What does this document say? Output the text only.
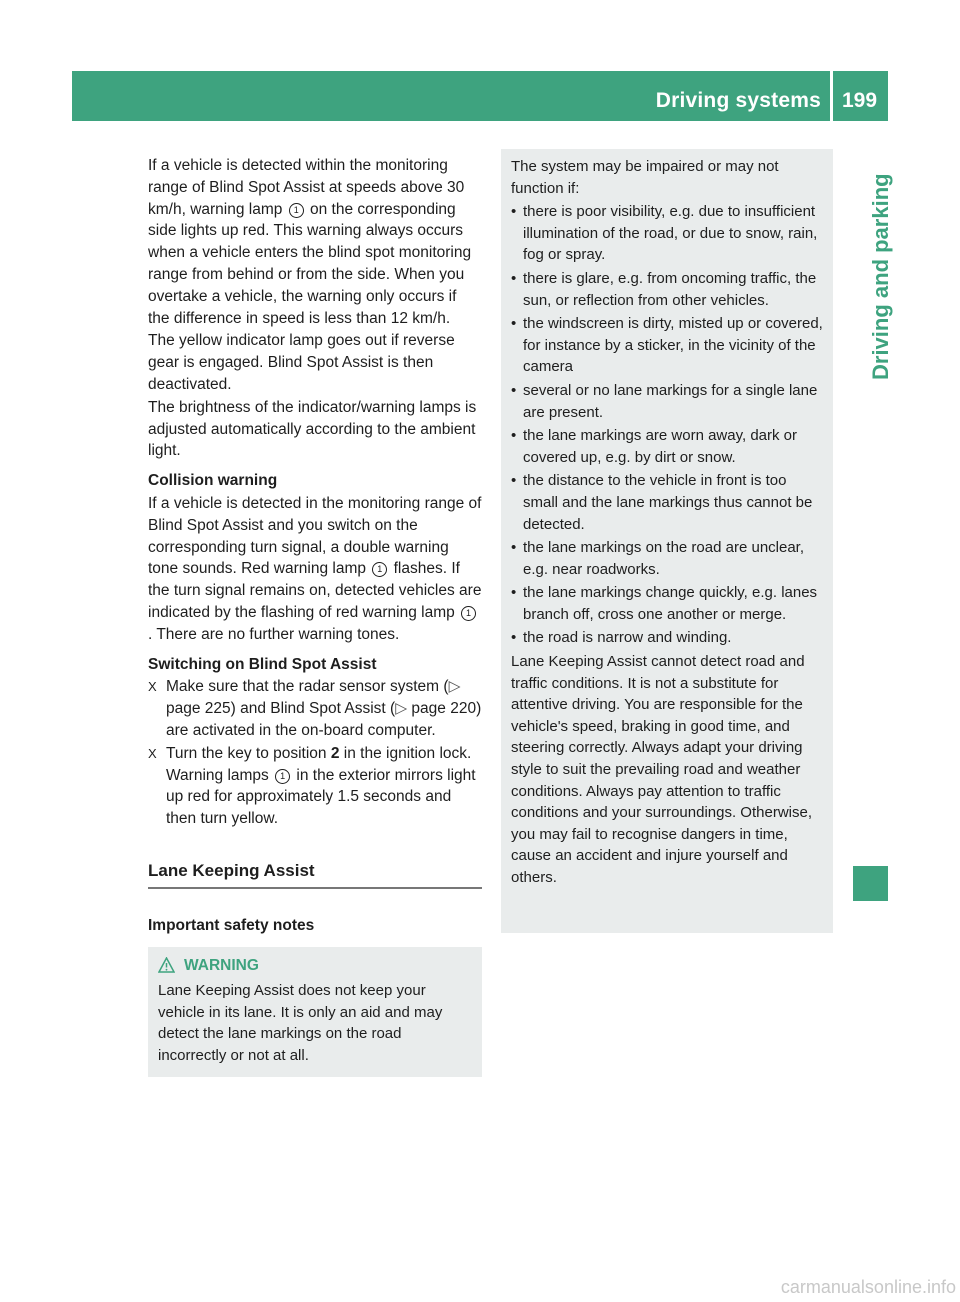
Driving systems 199
Driving and parking

If a vehicle is detected within the monitoring range of Blind Spot Assist at speeds above 30 km/h, warning lamp 1 on the corresponding side lights up red. This warning always occurs when a vehicle enters the blind spot monitoring range from behind or from the side. When you overtake a vehicle, the warning only occurs if the difference in speed is less than 12 km/h.

The yellow indicator lamp goes out if reverse gear is engaged. Blind Spot Assist is then deactivated.

The brightness of the indicator/warning lamps is adjusted automatically according to the ambient light.

Collision warning

If a vehicle is detected in the monitoring range of Blind Spot Assist and you switch on the corresponding turn signal, a double warning tone sounds. Red warning lamp 1 flashes. If the turn signal remains on, detected vehicles are indicated by the flashing of red warning lamp 1. There are no further warning tones.

Switching on Blind Spot Assist

X Make sure that the radar sensor system (▷ page 225) and Blind Spot Assist (▷ page 220) are activated in the on-board computer.
X Turn the key to position 2 in the ignition lock.
Warning lamps 1 in the exterior mirrors light up red for approximately 1.5 seconds and then turn yellow.
Lane Keeping Assist
Important safety notes
WARNING

Lane Keeping Assist does not keep your vehicle in its lane. It is only an aid and may detect the lane markings on the road incorrectly or not at all.

The system may be impaired or may not function if:

• there is poor visibility, e.g. due to insufficient illumination of the road, or due to snow, rain, fog or spray.
• there is glare, e.g. from oncoming traffic, the sun, or reflection from other vehicles.
• the windscreen is dirty, misted up or covered, for instance by a sticker, in the vicinity of the camera
• several or no lane markings for a single lane are present.
• the lane markings are worn away, dark or covered up, e.g. by dirt or snow.
• the distance to the vehicle in front is too small and the lane markings thus cannot be detected.
• the lane markings on the road are unclear, e.g. near roadworks.
• the lane markings change quickly, e.g. lanes branch off, cross one another or merge.
• the road is narrow and winding.

Lane Keeping Assist cannot detect road and traffic conditions. It is not a substitute for attentive driving. You are responsible for the vehicle's speed, braking in good time, and steering correctly. Always adapt your driving style to suit the prevailing road and weather conditions. Always pay attention to traffic conditions and your surroundings. Otherwise, you may fail to recognise dangers in time, cause an accident and injure yourself and others.

carmanualsonline.info
